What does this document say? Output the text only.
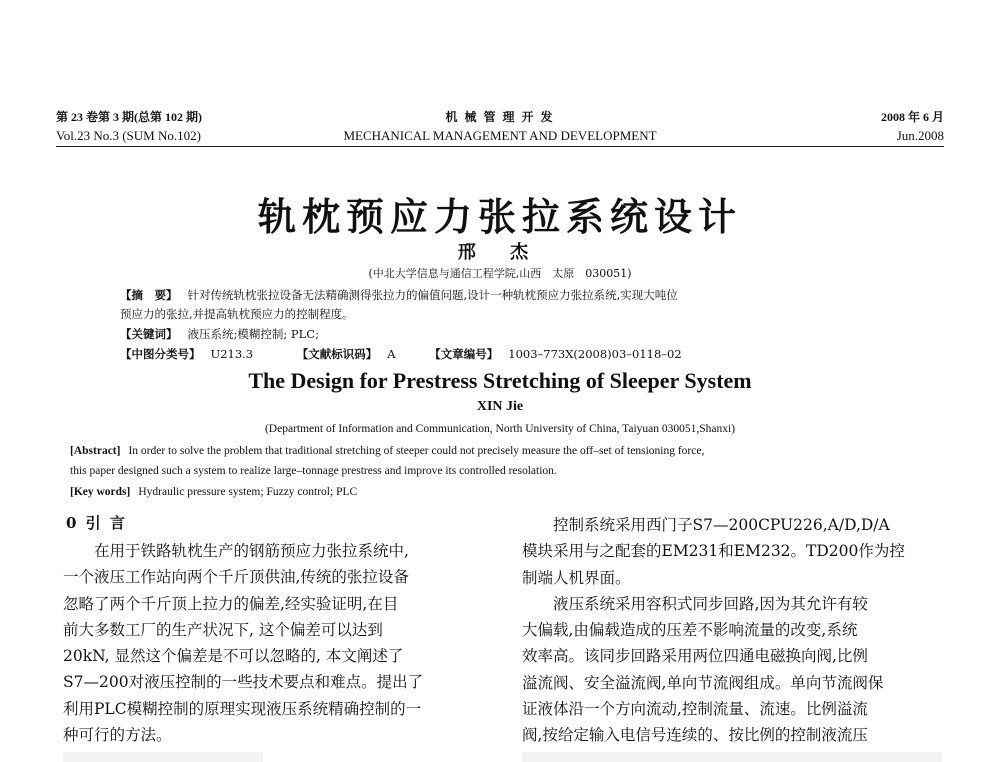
第 23 卷第 3 期(总第 102 期)
Vol.23 No.3 (SUM No.102)
机 械 管 理 开 发
MECHANICAL MANAGEMENT AND DEVELOPMENT
2008 年 6 月
Jun.2008
轨枕预应力张拉系统设计
邢 杰
(中北大学信息与通信工程学院,山西　太原　030051)
【摘　要】 针对传统轨枕张拉设备无法精确测得张拉力的偏值问题,设计一种轨枕预应力张拉系统,实现大吨位
预应力的张拉,并提高轨枕预应力的控制程度。
【关键词】 液压系统;模糊控制; PLC;
【中图分类号】 U213.3	【文献标识码】 A	【文章编号】 1003–773X(2008)03–0118–02
The Design for Prestress Stretching of Sleeper System
XIN Jie
(Department of Information and Communication, North University of China, Taiyuan 030051,Shanxi)
[Abstract] In order to solve the problem that traditional stretching of steeper could not precisely measure the off–set of tensioning force,
this paper designed such a system to realize large–tonnage prestress and improve its controlled resolation.
[Key words] Hydraulic pressure system; Fuzzy control; PLC
0 引 言
　　在用于铁路轨枕生产的钢筋预应力张拉系统中,
一个液压工作站向两个千斤顶供油,传统的张拉设备
忽略了两个千斤顶上拉力的偏差,经实验证明,在目
前大多数工厂的生产状况下, 这个偏差可以达到
20kN, 显然这个偏差是不可以忽略的, 本文阐述了
S7—200对液压控制的一些技术要点和难点。提出了
利用PLC模糊控制的原理实现液压系统精确控制的一
种可行的方法。
　　控制系统采用西门子S7—200CPU226,A/D,D/A
模块采用与之配套的EM231和EM232。TD200作为控
制端人机界面。
　　液压系统采用容积式同步回路,因为其允许有较
大偏载,由偏载造成的压差不影响流量的改变,系统
效率高。该同步回路采用两位四通电磁换向阀,比例
溢流阀、安全溢流阀,单向节流阀组成。单向节流阀保
证液体沿一个方向流动,控制流量、流速。比例溢流
阀,按给定输入电信号连续的、按比例的控制液流压
